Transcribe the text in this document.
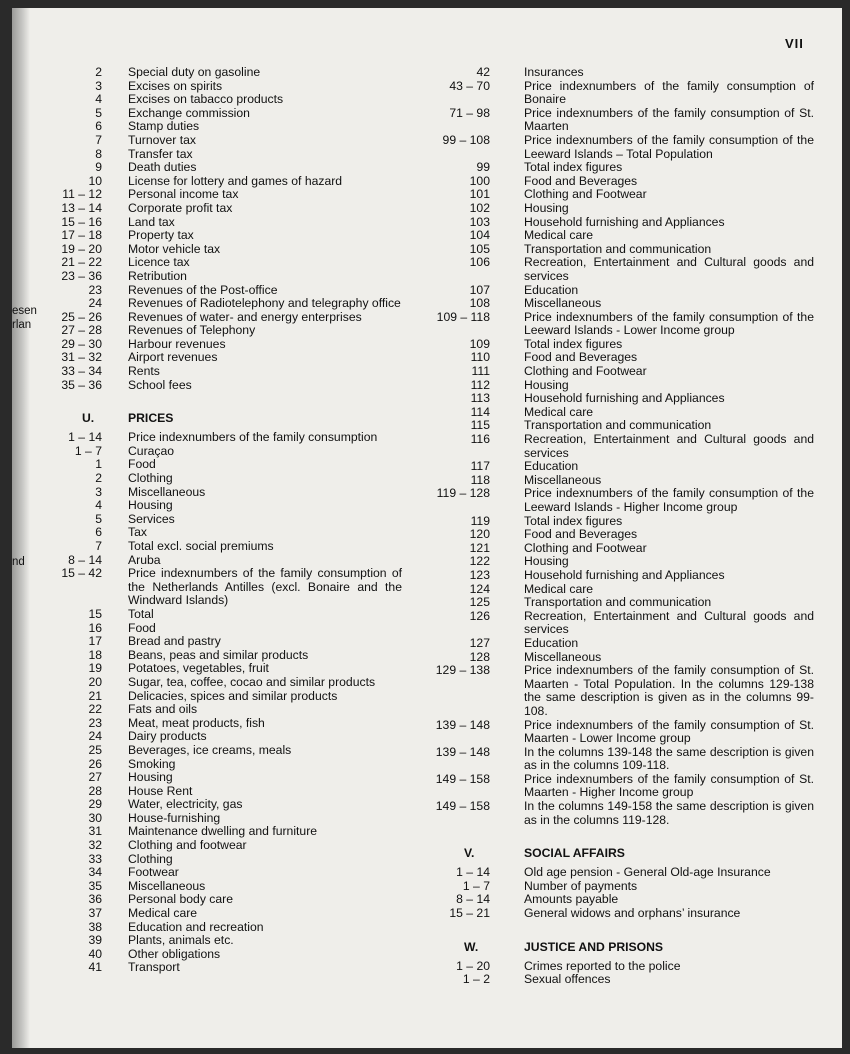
VII
esen
rlan
nd
2	Special duty on gasoline
3	Excises on spirits
4	Excises on tabacco products
5	Exchange commission
6	Stamp duties
7	Turnover tax
8	Transfer tax
9	Death duties
10	License for lottery and games of hazard
11 – 12	Personal income tax
13 – 14	Corporate profit tax
15 – 16	Land tax
17 – 18	Property tax
19 – 20	Motor vehicle tax
21 – 22	Licence tax
23 – 36	Retribution
23	Revenues of the Post-office
24	Revenues of Radiotelephony and telegraphy office
25 – 26	Revenues of water- and energy enterprises
27 – 28	Revenues of Telephony
29 – 30	Harbour revenues
31 – 32	Airport revenues
33 – 34	Rents
35 – 36	School fees
U.	PRICES
1 – 14	Price indexnumbers of the family consumption
1 – 7	Curaçao
1	Food
2	Clothing
3	Miscellaneous
4	Housing
5	Services
6	Tax
7	Total excl. social premiums
8 – 14	Aruba
15 – 42	Price indexnumbers of the family consumption of the Netherlands Antilles (excl. Bonaire and the Windward Islands)
15	Total
16	Food
17	Bread and pastry
18	Beans, peas and similar products
19	Potatoes, vegetables, fruit
20	Sugar, tea, coffee, cocao and similar products
21	Delicacies, spices and similar products
22	Fats and oils
23	Meat, meat products, fish
24	Dairy products
25	Beverages, ice creams, meals
26	Smoking
27	Housing
28	House Rent
29	Water, electricity, gas
30	House-furnishing
31	Maintenance dwelling and furniture
32	Clothing and footwear
33	Clothing
34	Footwear
35	Miscellaneous
36	Personal body care
37	Medical care
38	Education and recreation
39	Plants, animals etc.
40	Other obligations
41	Transport
42	Insurances
43 – 70	Price indexnumbers of the family consumption of Bonaire
71 – 98	Price indexnumbers of the family consumption of St. Maarten
99 – 108	Price indexnumbers of the family consumption of the Leeward Islands – Total Population
99	Total index figures
100	Food and Beverages
101	Clothing and Footwear
102	Housing
103	Household furnishing and Appliances
104	Medical care
105	Transportation and communication
106	Recreation, Entertainment and Cultural goods and services
107	Education
108	Miscellaneous
109 – 118	Price indexnumbers of the family consumption of the Leeward Islands - Lower Income group
109	Total index figures
110	Food and Beverages
111	Clothing and Footwear
112	Housing
113	Household furnishing and Appliances
114	Medical care
115	Transportation and communication
116	Recreation, Entertainment and Cultural goods and services
117	Education
118	Miscellaneous
119 – 128	Price indexnumbers of the family consumption of the Leeward Islands - Higher Income group
119	Total index figures
120	Food and Beverages
121	Clothing and Footwear
122	Housing
123	Household furnishing and Appliances
124	Medical care
125	Transportation and communication
126	Recreation, Entertainment and Cultural goods and services
127	Education
128	Miscellaneous
129 – 138	Price indexnumbers of the family consumption of St. Maarten - Total Population. In the columns 129-138 the same description is given as in the columns 99-108.
139 – 148	Price indexnumbers of the family consumption of St. Maarten - Lower Income group
139 – 148	In the columns 139-148 the same description is given as in the columns 109-118.
149 – 158	Price indexnumbers of the family consumption of St. Maarten - Higher Income group
149 – 158	In the columns 149-158 the same description is given as in the columns 119-128.
V.	SOCIAL AFFAIRS
1 – 14	Old age pension - General Old-age Insurance
1 – 7	Number of payments
8 – 14	Amounts payable
15 – 21	General widows and orphans’ insurance
W.	JUSTICE AND PRISONS
1 – 20	Crimes reported to the police
1 – 2	Sexual offences
